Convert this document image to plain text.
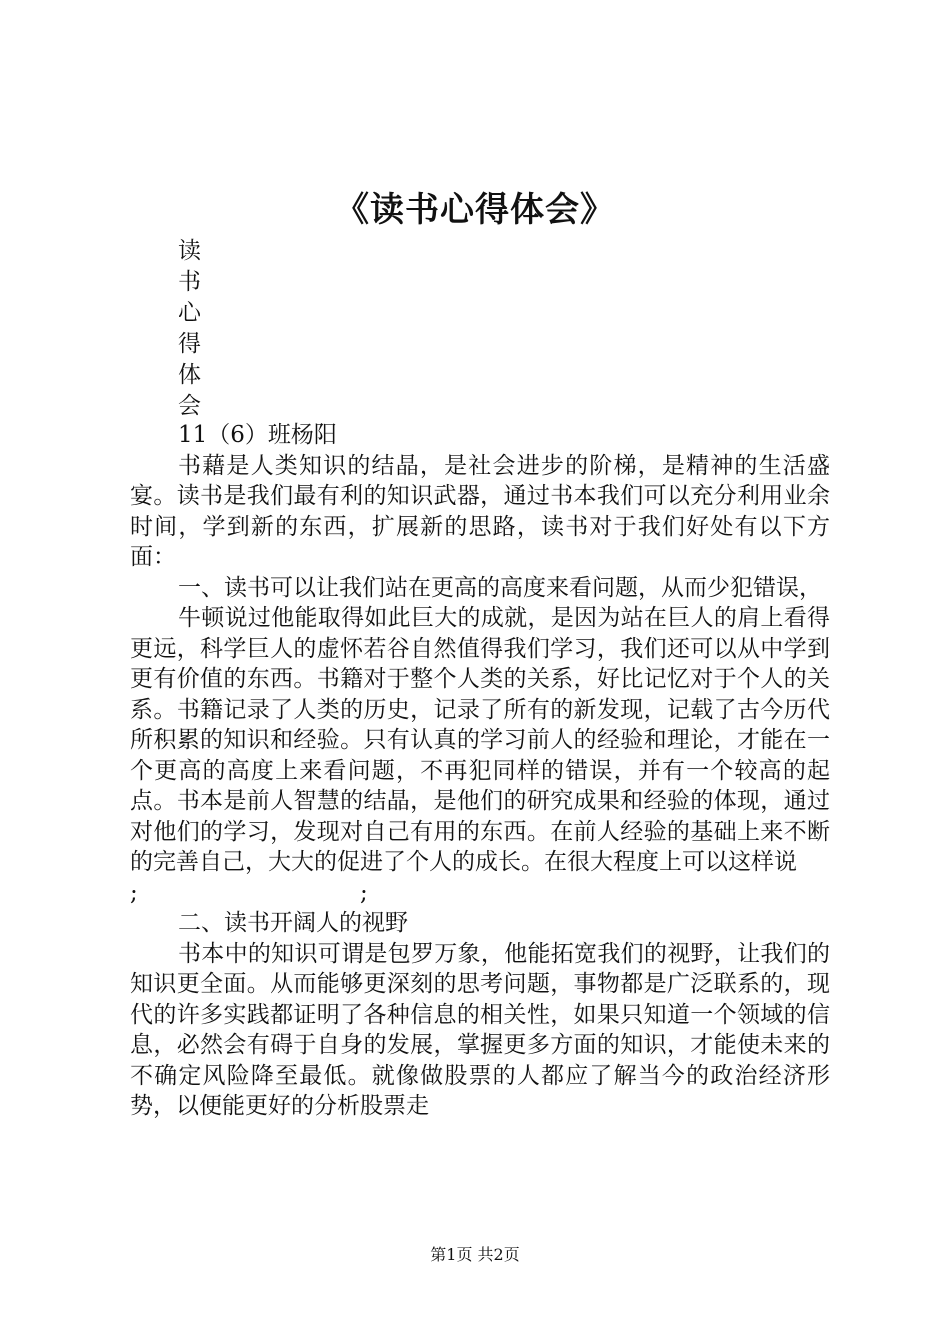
《读书心得体会》
读
书
心
得
体
会

11（6）班杨阳

书藉是人类知识的结晶，是社会进步的阶梯，是精神的生活盛宴。读书是我们最有利的知识武器，通过书本我们可以充分利用业余时间，学到新的东西，扩展新的思路，读书对于我们好处有以下方面：

一、读书可以让我们站在更高的高度来看问题，从而少犯错误，

牛顿说过他能取得如此巨大的成就，是因为站在巨人的肩上看得更远，科学巨人的虚怀若谷自然值得我们学习，我们还可以从中学到更有价值的东西。书籍对于整个人类的关系，好比记忆对于个人的关系。书籍记录了人类的历史，记录了所有的新发现，记载了古今历代所积累的知识和经验。只有认真的学习前人的经验和理论，才能在一个更高的高度上来看问题，不再犯同样的错误，并有一个较高的起点。书本是前人智慧的结晶，是他们的研究成果和经验的体现，通过对他们的学习，发现对自己有用的东西。在前人经验的基础上来不断的完善自己，大大的促进了个人的成长。在很大程度上可以这样说

;	;

二、读书开阔人的视野

书本中的知识可谓是包罗万象，他能拓宽我们的视野，让我们的知识更全面。从而能够更深刻的思考问题，事物都是广泛联系的，现代的许多实践都证明了各种信息的相关性，如果只知道一个领域的信息，必然会有碍于自身的发展，掌握更多方面的知识，才能使未来的不确定风险降至最低。就像做股票的人都应了解当今的政治经济形势，以便能更好的分析股票走

第1页 共2页
